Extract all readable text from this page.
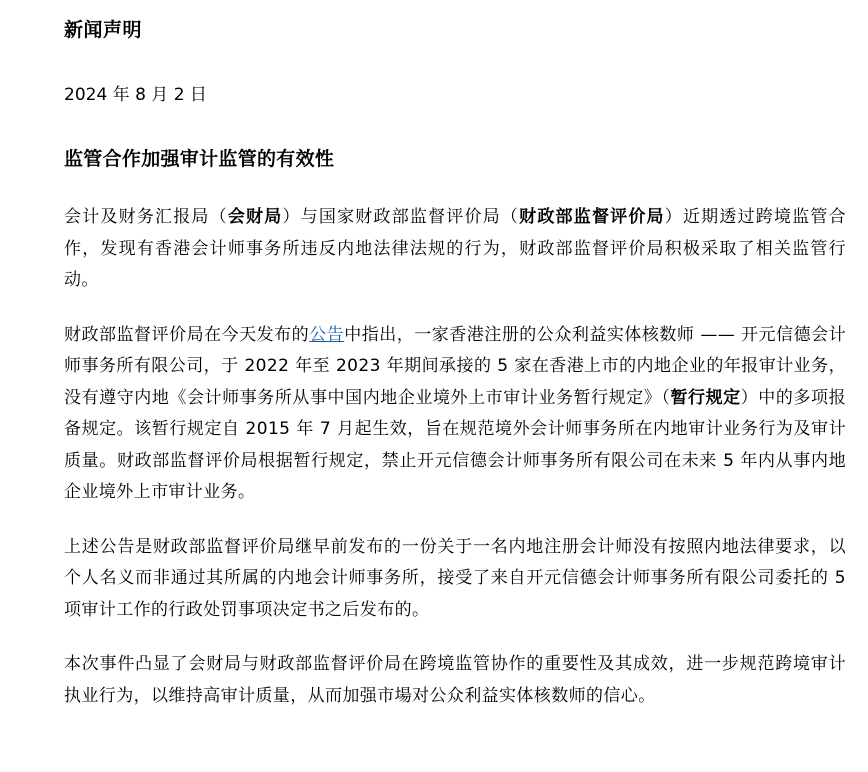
新闻声明
2024 年 8 月 2 日
监管合作加强审计监管的有效性

会计及财务汇报局（会财局）与国家财政部监督评价局（财政部监督评价局）近期透过跨境监管合作，发现有香港会计师事务所违反内地法律法规的行为，财政部监督评价局积极采取了相关监管行动。

财政部监督评价局在今天发布的公告中指出，一家香港注册的公众利益实体核数师 —— 开元信德会计师事务所有限公司，于 2022 年至 2023 年期间承接的 5 家在香港上市的内地企业的年报审计业务，没有遵守内地《会计师事务所从事中国内地企业境外上市审计业务暂行规定》（暂行规定）中的多项报备规定。该暂行规定自 2015 年 7 月起生效，旨在规范境外会计师事务所在内地审计业务行为及审计质量。财政部监督评价局根据暂行规定，禁止开元信德会计师事务所有限公司在未来 5 年内从事内地企业境外上市审计业务。

上述公告是财政部监督评价局继早前发布的一份关于一名内地注册会计师没有按照内地法律要求，以个人名义而非通过其所属的内地会计师事务所，接受了来自开元信德会计师事务所有限公司委托的 5 项审计工作的行政处罚事项决定书之后发布的。

本次事件凸显了会财局与财政部监督评价局在跨境监管协作的重要性及其成效，进一步规范跨境审计执业行为，以维持高审计质量，从而加强市場对公众利益实体核数师的信心。
